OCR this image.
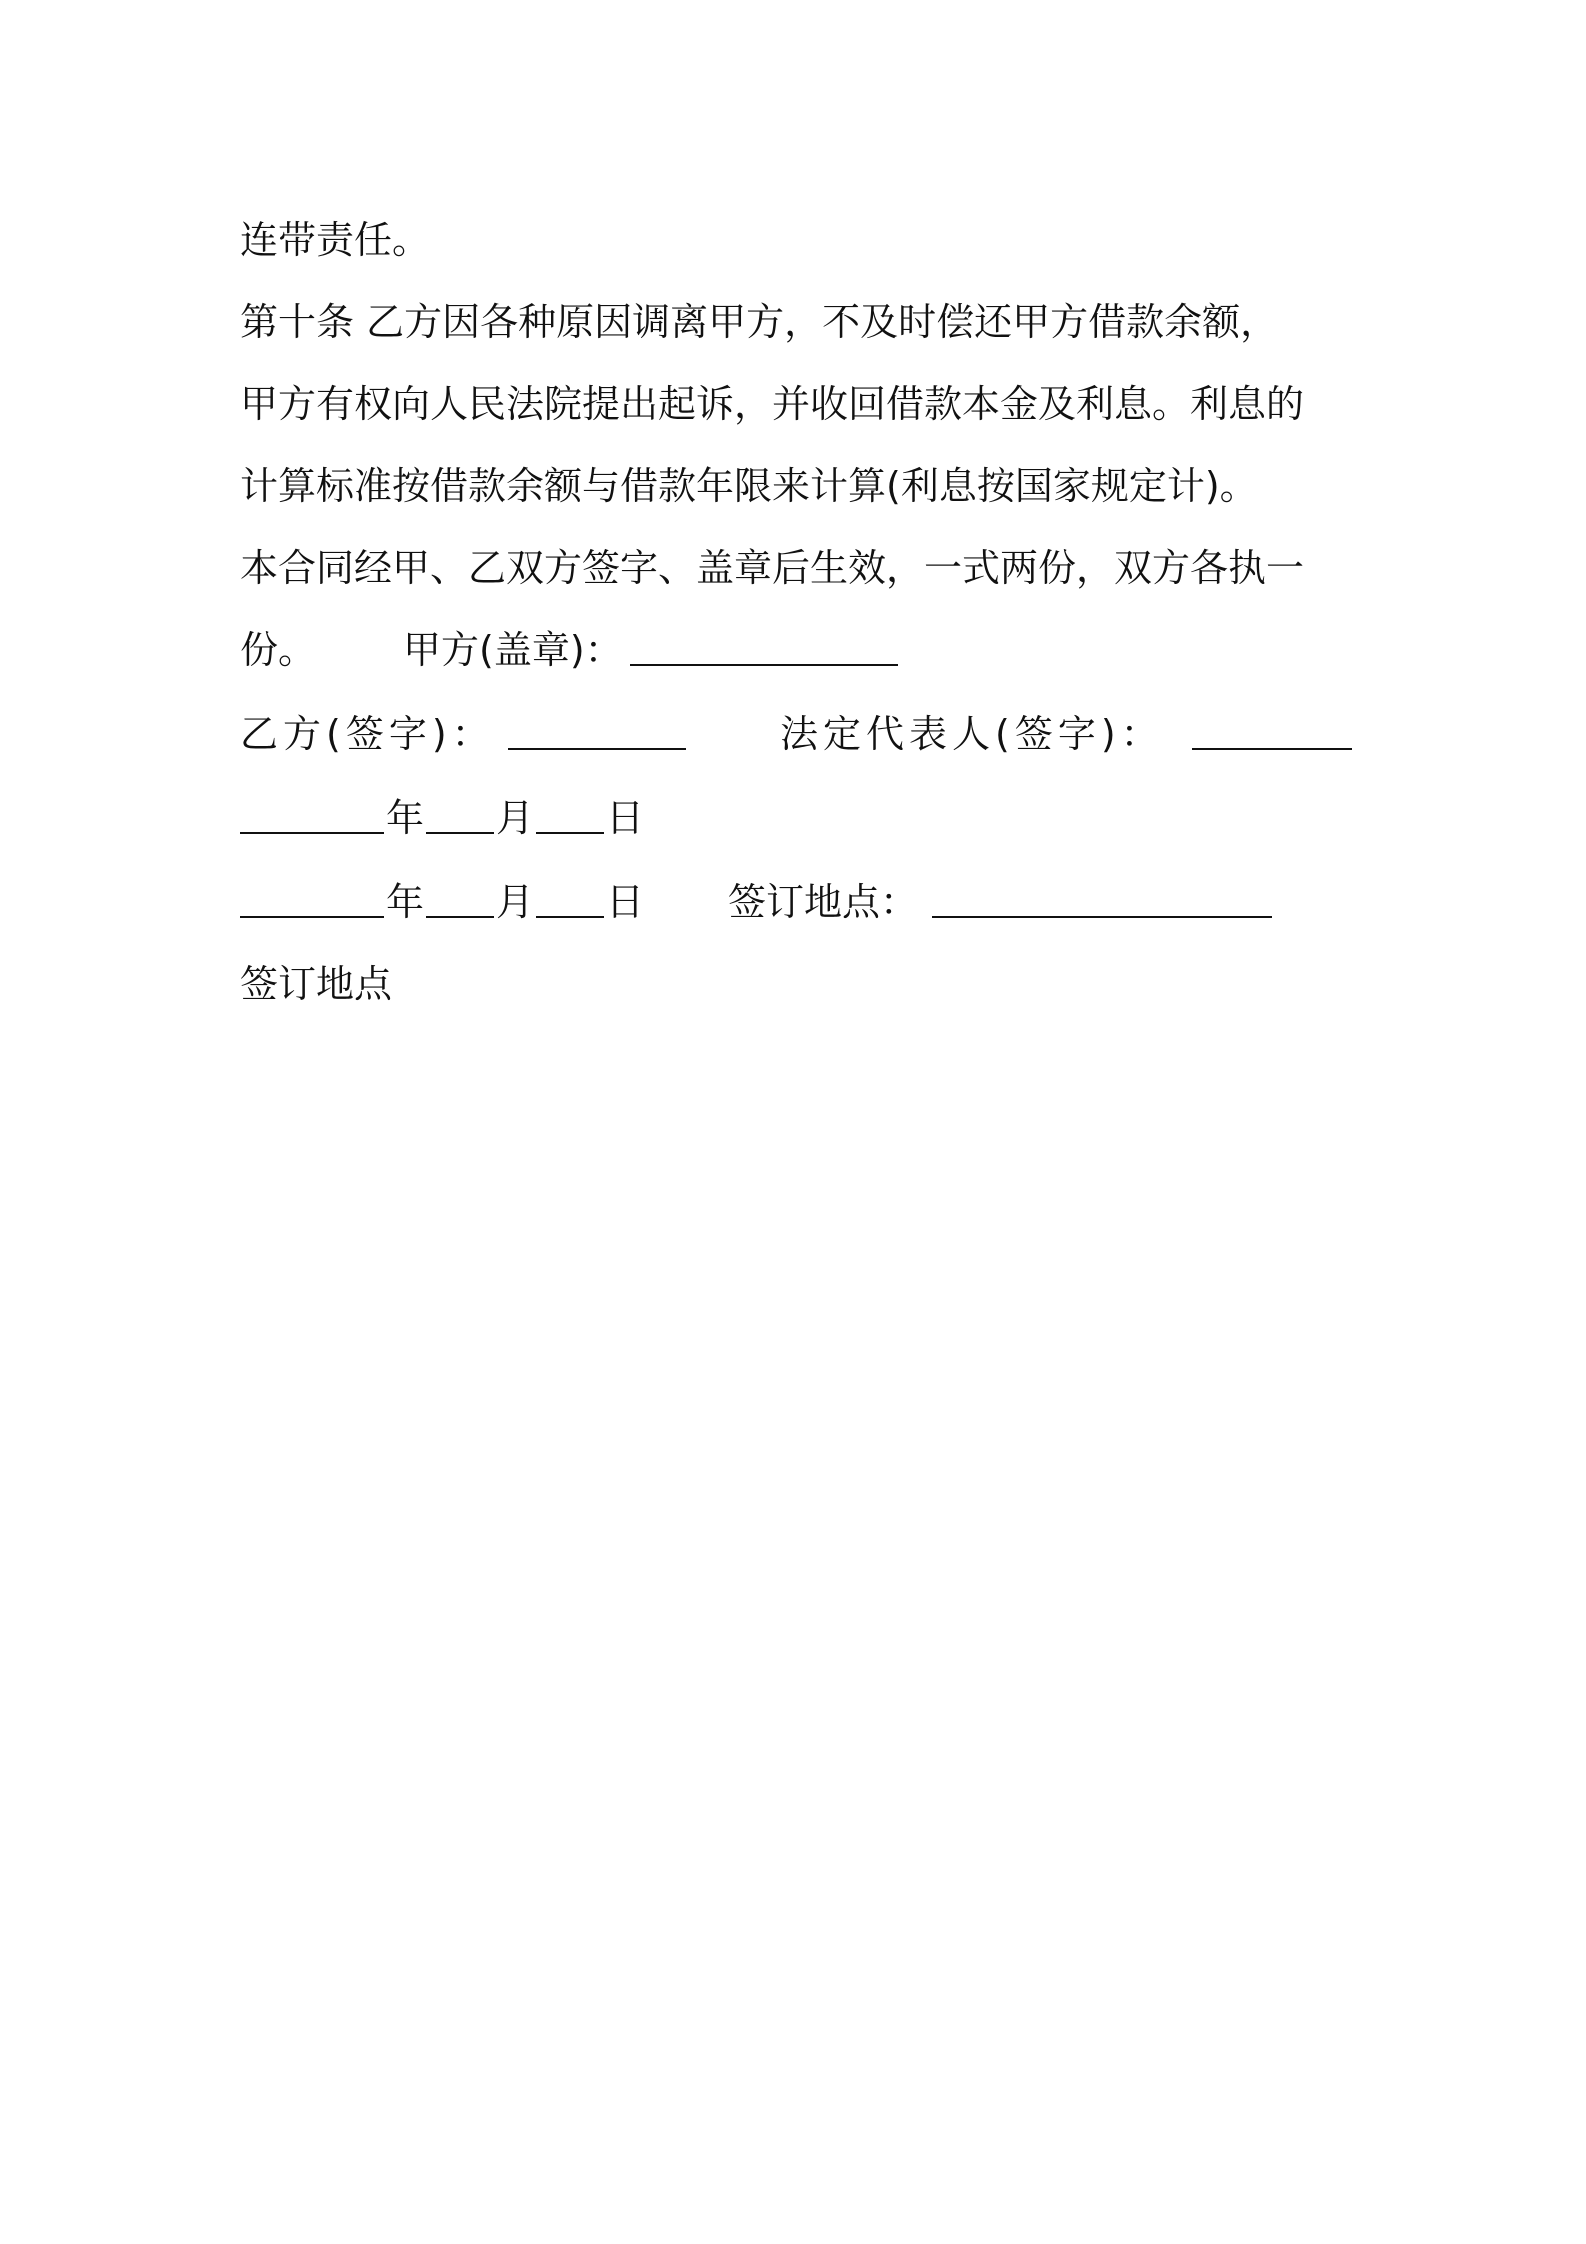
连带责任。
第十条 乙方因各种原因调离甲方，不及时偿还甲方借款余额，
甲方有权向人民法院提出起诉，并收回借款本金及利息。利息的
计算标准按借款余额与借款年限来计算(利息按国家规定计)。
本合同经甲、乙双方签字、盖章后生效，一式两份，双方各执一
份。 甲方(盖章)：
乙方(签字)：	法定代表人(签字)：
年 月 日
年 月 日 签订地点：
签订地点
